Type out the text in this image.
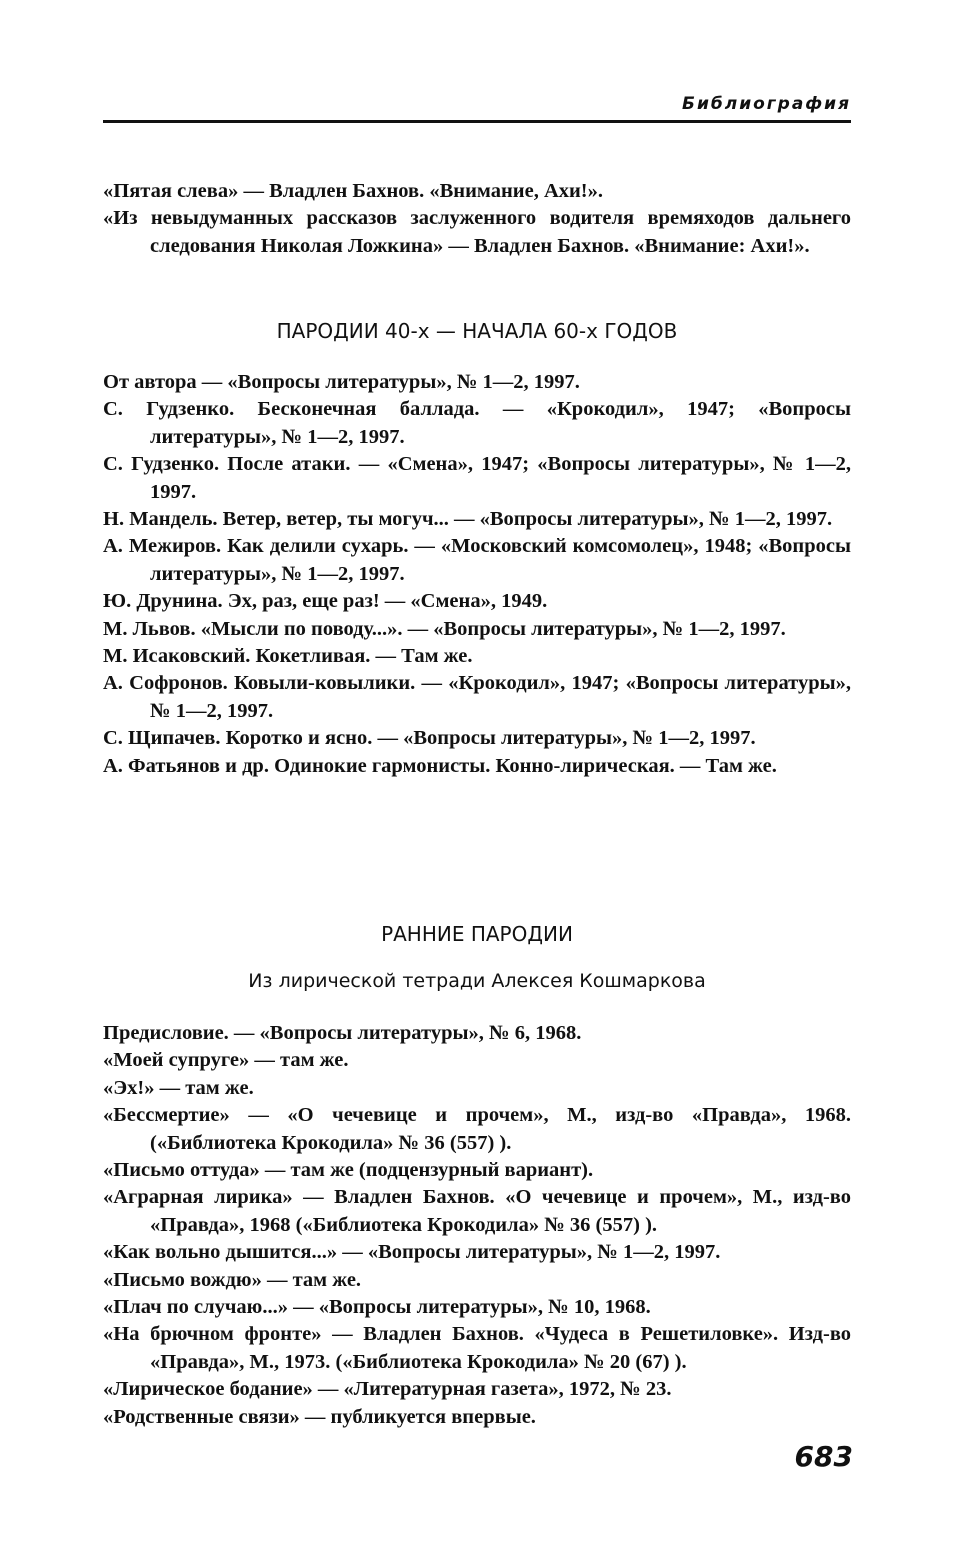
Библиография
«Пятая слева» — Владлен Бахнов. «Внимание, Ахи!».
«Из невыдуманных рассказов заслуженного водителя времяходов дальнего следования Николая Ложкина» — Владлен Бахнов. «Внимание: Ахи!».
ПАРОДИИ 40-х — НАЧАЛА 60-х ГОДОВ
От автора — «Вопросы литературы», № 1—2, 1997.
С. Гудзенко. Бесконечная баллада. — «Крокодил», 1947; «Вопросы литературы», № 1—2, 1997.
С. Гудзенко. После атаки. — «Смена», 1947; «Вопросы литературы», № 1—2, 1997.
Н. Мандель. Ветер, ветер, ты могуч... — «Вопросы литературы», № 1—2, 1997.
А. Межиров. Как делили сухарь. — «Московский комсомолец», 1948; «Вопросы литературы», № 1—2, 1997.
Ю. Друнина. Эх, раз, еще раз! — «Смена», 1949.
М. Львов. «Мысли по поводу...». — «Вопросы литературы», № 1—2, 1997.
М. Исаковский. Кокетливая. — Там же.
А. Софронов. Ковыли-ковылики. — «Крокодил», 1947; «Вопросы литературы», № 1—2, 1997.
С. Щипачев. Коротко и ясно. — «Вопросы литературы», № 1—2, 1997.
А. Фатьянов и др. Одинокие гармонисты. Конно-лирическая. — Там же.
РАННИЕ ПАРОДИИ
Из лирической тетради Алексея Кошмаркова
Предисловие. — «Вопросы литературы», № 6, 1968.
«Моей супруге» — там же.
«Эх!» — там же.
«Бессмертие» — «О чечевице и прочем», М., изд-во «Правда», 1968. («Библиотека Крокодила» № 36 (557) ).
«Письмо оттуда» — там же (подцензурный вариант).
«Аграрная лирика» — Владлен Бахнов. «О чечевице и прочем», М., изд-во «Правда», 1968 («Библиотека Крокодила» № 36 (557) ).
«Как вольно дышится...» — «Вопросы литературы», № 1—2, 1997.
«Письмо вождю» — там же.
«Плач по случаю...» — «Вопросы литературы», № 10, 1968.
«На брючном фронте» — Владлен Бахнов. «Чудеса в Решетиловке». Изд-во «Правда», М., 1973. («Библиотека Крокодила» № 20 (67) ).
«Лирическое бодание» — «Литературная газета», 1972, № 23.
«Родственные связи» — публикуется впервые.
683
